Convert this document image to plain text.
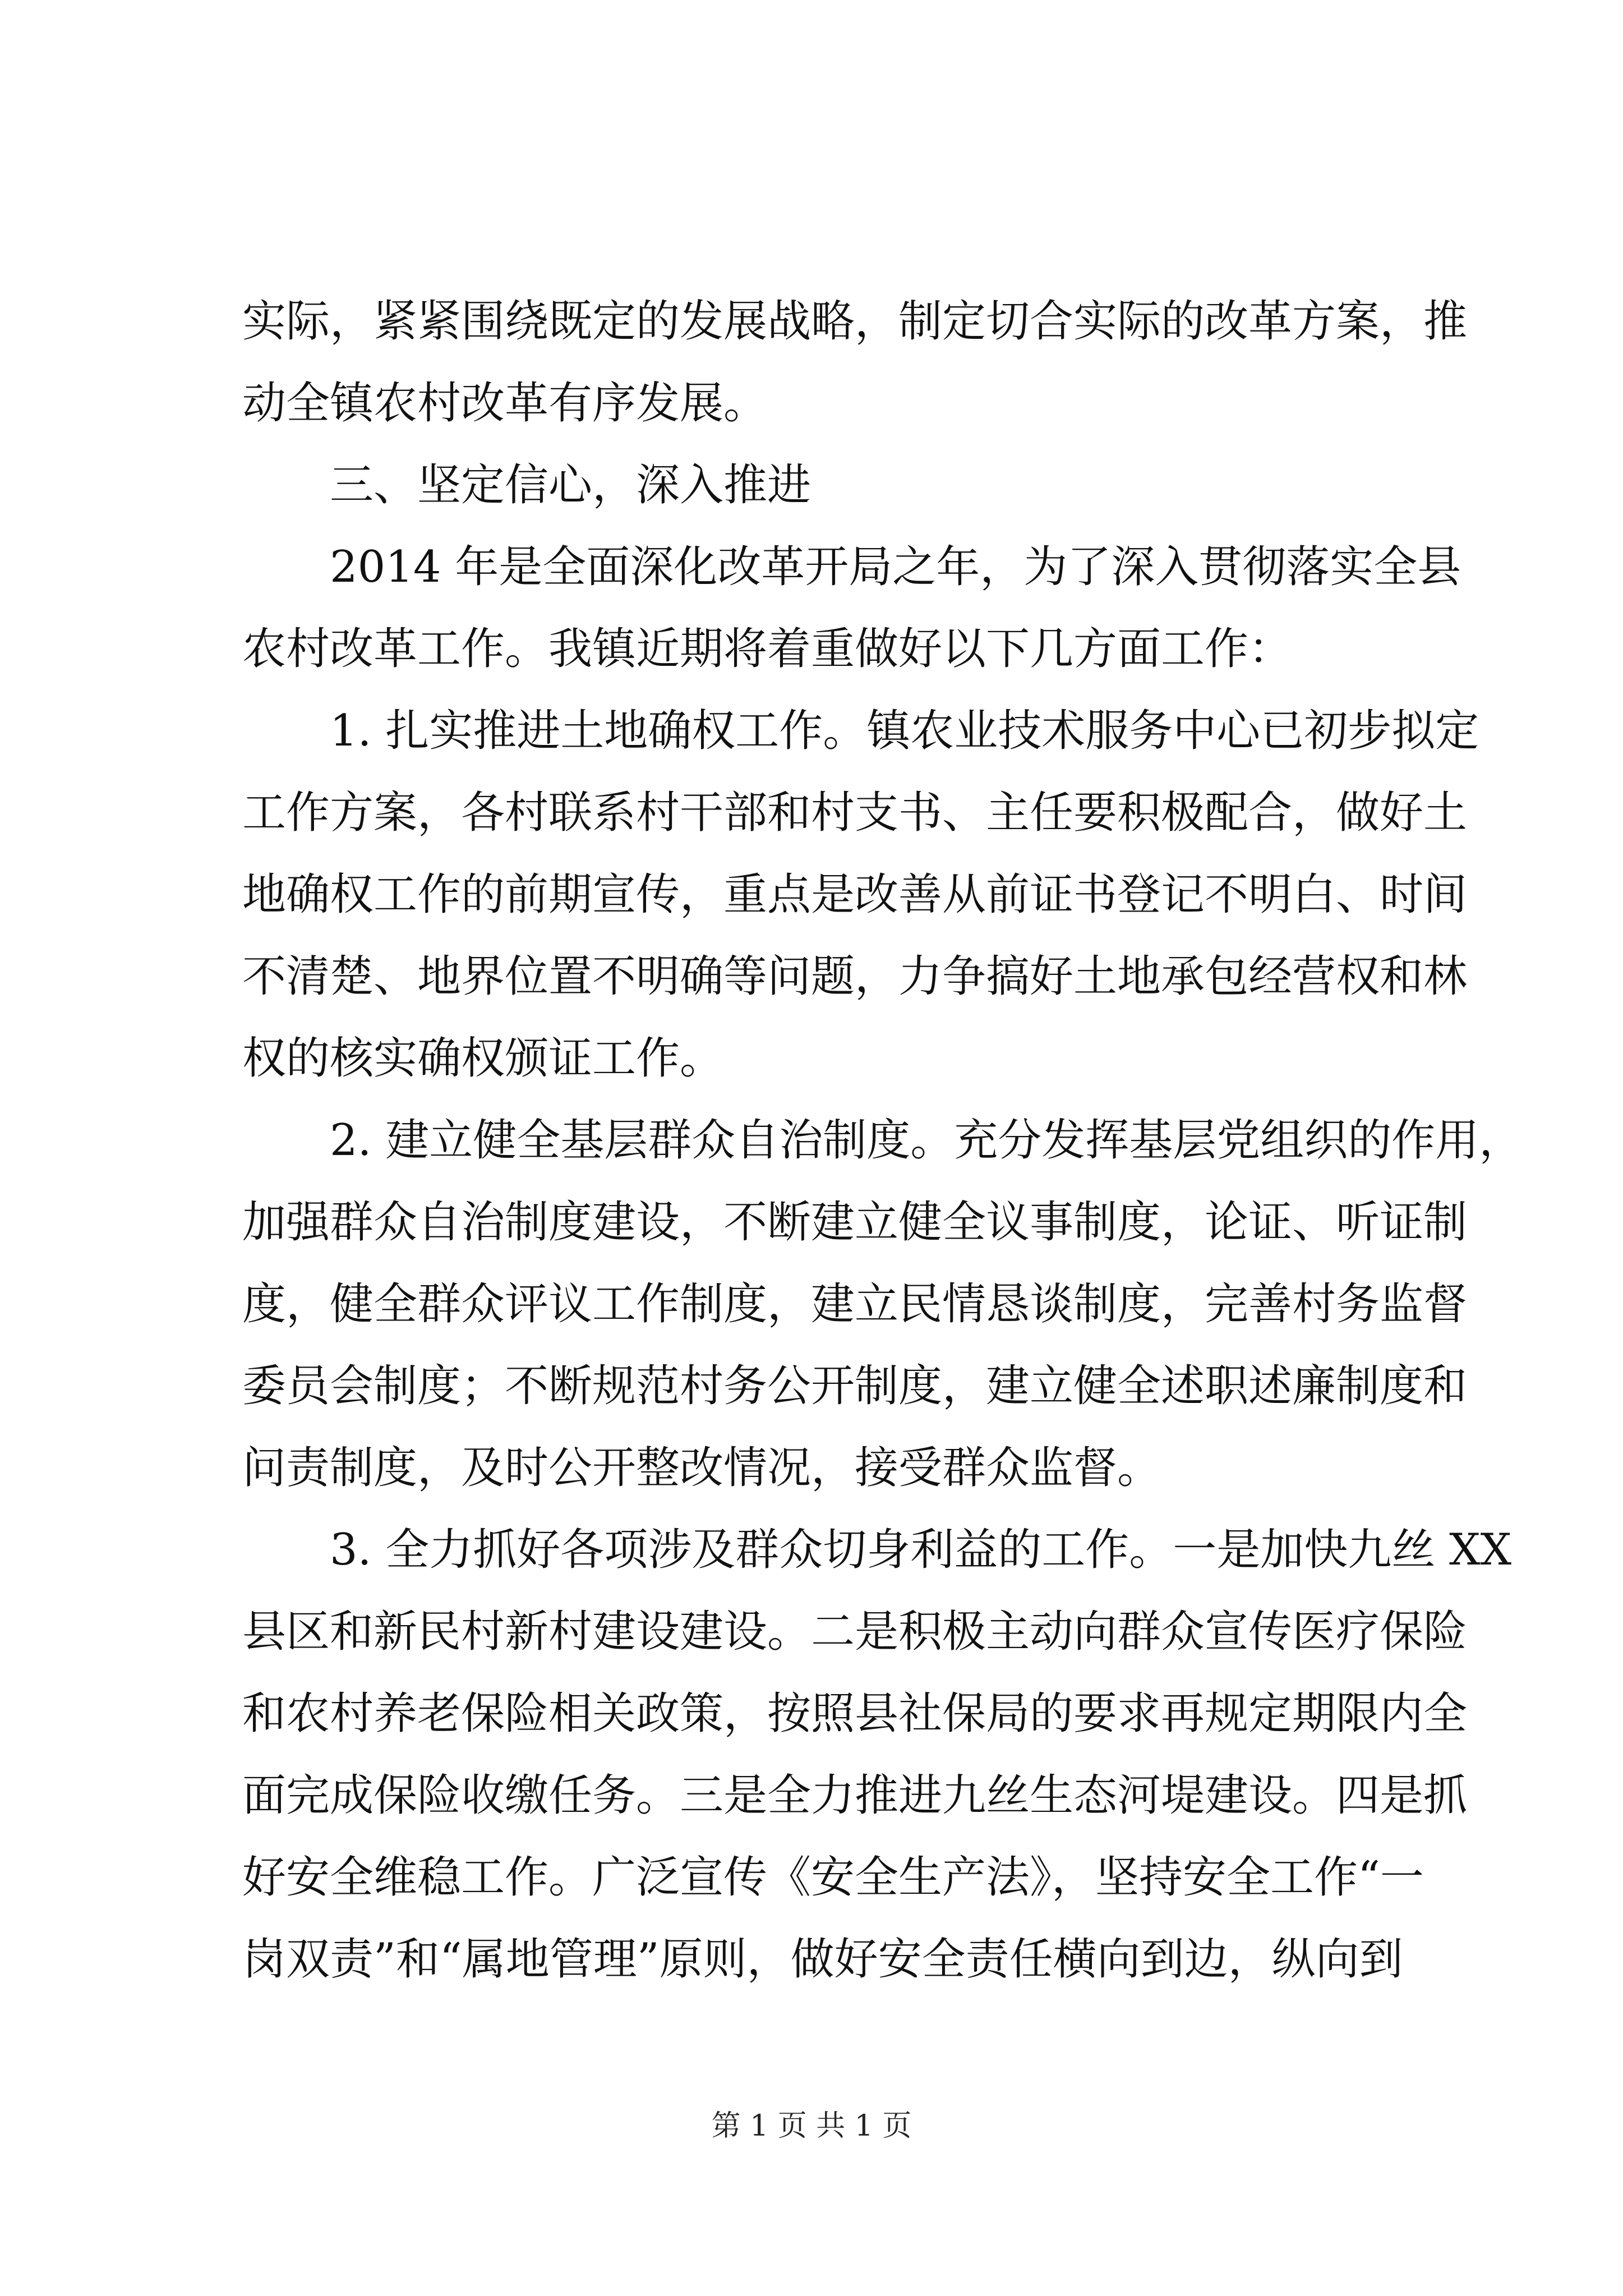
实际，紧紧围绕既定的发展战略，制定切合实际的改革方案，推
动全镇农村改革有序发展。
三、坚定信心，深入推进
2014 年是全面深化改革开局之年，为了深入贯彻落实全县
农村改革工作。我镇近期将着重做好以下几方面工作：
1. 扎实推进土地确权工作。镇农业技术服务中心已初步拟定
工作方案，各村联系村干部和村支书、主任要积极配合，做好土
地确权工作的前期宣传，重点是改善从前证书登记不明白、时间
不清楚、地界位置不明确等问题，力争搞好土地承包经营权和林
权的核实确权颁证工作。
2. 建立健全基层群众自治制度。充分发挥基层党组织的作用，
加强群众自治制度建设，不断建立健全议事制度，论证、听证制
度，健全群众评议工作制度，建立民情恳谈制度，完善村务监督
委员会制度；不断规范村务公开制度，建立健全述职述廉制度和
问责制度，及时公开整改情况，接受群众监督。
3. 全力抓好各项涉及群众切身利益的工作。一是加快九丝 XX
县区和新民村新村建设建设。二是积极主动向群众宣传医疗保险
和农村养老保险相关政策，按照县社保局的要求再规定期限内全
面完成保险收缴任务。三是全力推进九丝生态河堤建设。四是抓
好安全维稳工作。广泛宣传《安全生产法》，坚持安全工作“一
岗双责”和“属地管理”原则，做好安全责任横向到边，纵向到
第 1 页 共 1 页
